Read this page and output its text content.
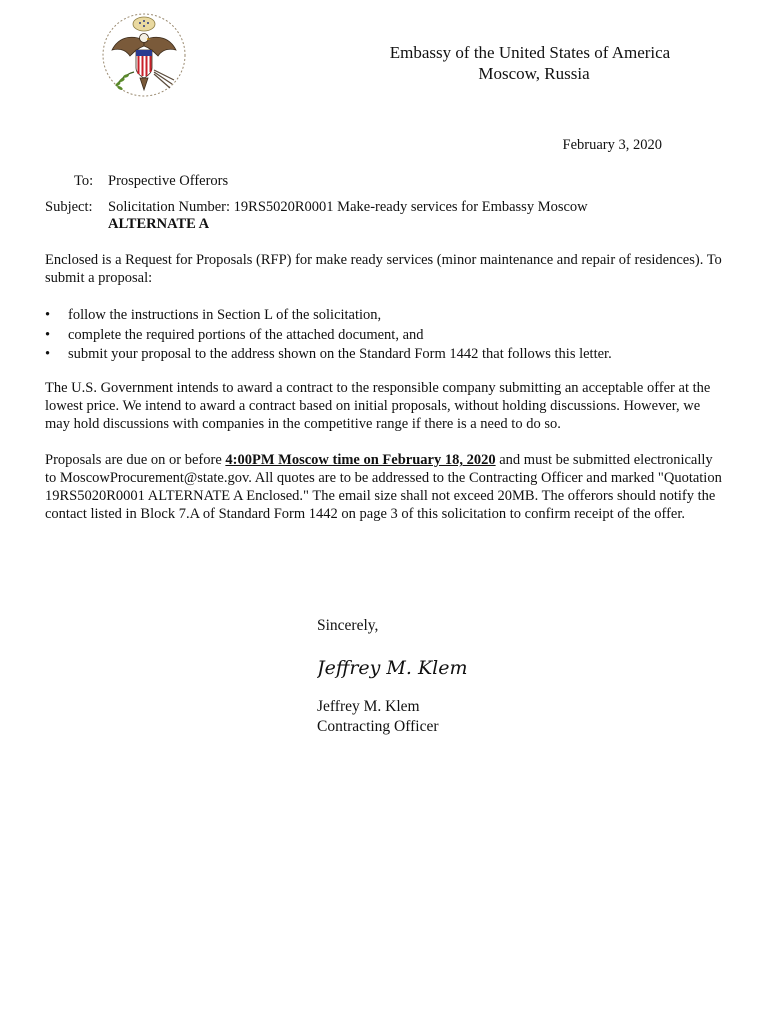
Embassy of the United States of America
Moscow, Russia
February 3, 2020
To: Prospective Offerors
Subject: Solicitation Number: 19RS5020R0001 Make-ready services for Embassy Moscow
ALTERNATE A

Enclosed is a Request for Proposals (RFP) for make ready services (minor maintenance and repair of residences). To submit a proposal:

• follow the instructions in Section L of the solicitation,
• complete the required portions of the attached document, and
• submit your proposal to the address shown on the Standard Form 1442 that follows this letter.

The U.S. Government intends to award a contract to the responsible company submitting an acceptable offer at the lowest price. We intend to award a contract based on initial proposals, without holding discussions. However, we may hold discussions with companies in the competitive range if there is a need to do so.

Proposals are due on or before 4:00PM Moscow time on February 18, 2020 and must be submitted electronically to MoscowProcurement@state.gov. All quotes are to be addressed to the Contracting Officer and marked "Quotation 19RS5020R0001 ALTERNATE A Enclosed." The email size shall not exceed 20MB. The offerors should notify the contact listed in Block 7.A of Standard Form 1442 on page 3 of this solicitation to confirm receipt of the offer.

Sincerely,
Jeffrey M. Klem
Jeffrey M. Klem
Contracting Officer
